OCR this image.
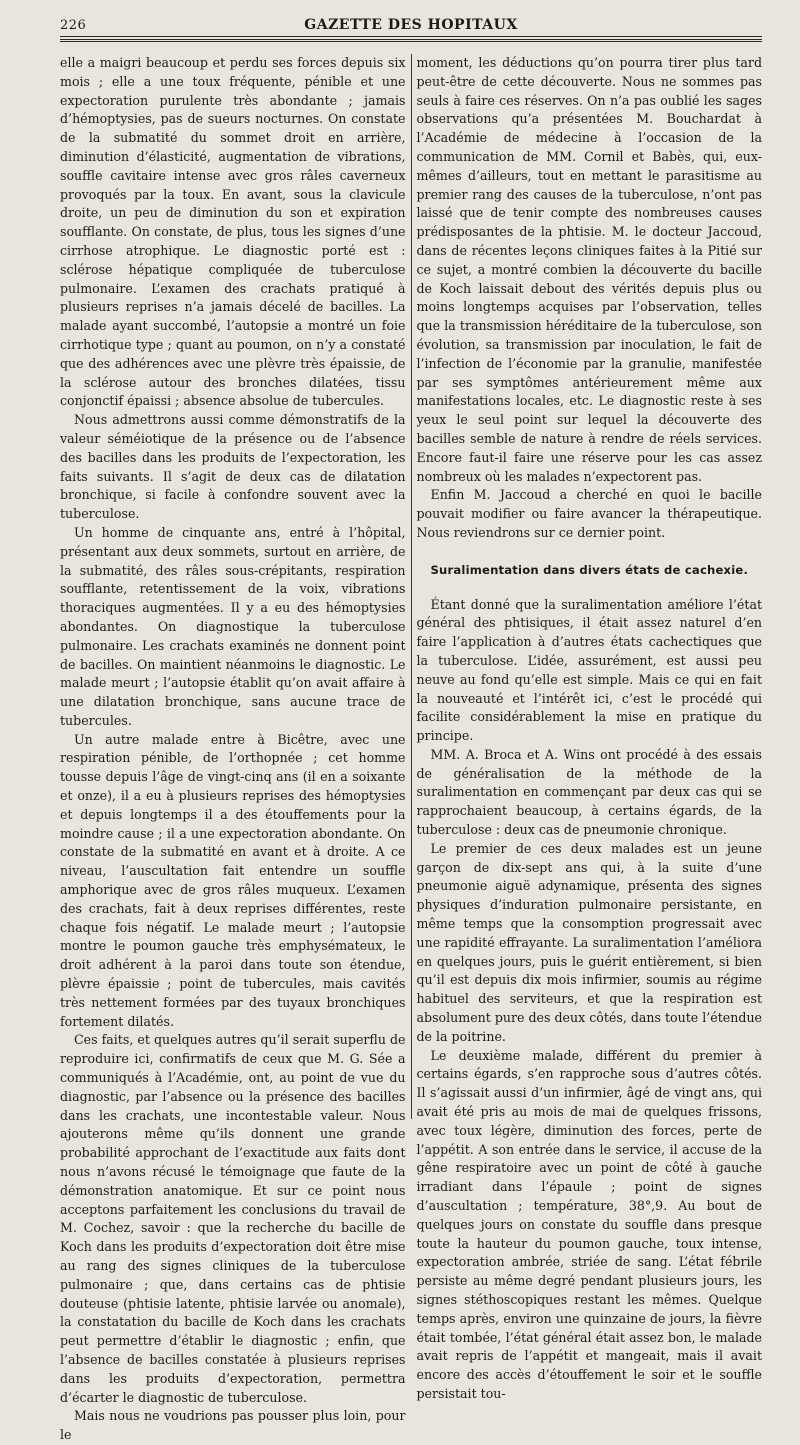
226	GAZETTE DES HOPITAUX

elle a maigri beaucoup et perdu ses forces depuis six mois ; elle a une toux fréquente, pénible et une expectoration purulente très abondante ; jamais d’hémoptysies, pas de sueurs nocturnes. On constate de la submatité du sommet droit en arrière, diminution d’élasticité, augmentation de vibrations, souffle cavitaire intense avec gros râles caverneux provoqués par la toux. En avant, sous la clavicule droite, un peu de diminution du son et expiration soufflante. On constate, de plus, tous les signes d’une cirrhose atrophique. Le diagnostic porté est : sclérose hépatique compliquée de tuberculose pulmonaire. L’examen des crachats pratiqué à plusieurs reprises n’a jamais décelé de bacilles. La malade ayant succombé, l’autopsie a montré un foie cirrhotique type ; quant au poumon, on n’y a constaté que des adhérences avec une plèvre très épaissie, de la sclérose autour des bronches dilatées, tissu conjonctif épaissi ; absence absolue de tubercules.

Nous admettrons aussi comme démonstratifs de la valeur séméiotique de la présence ou de l’absence des bacilles dans les produits de l’expectoration, les faits suivants. Il s’agit de deux cas de dilatation bronchique, si facile à confondre souvent avec la tuberculose.

Un homme de cinquante ans, entré à l’hôpital, présentant aux deux sommets, surtout en arrière, de la submatité, des râles sous-crépitants, respiration soufflante, retentissement de la voix, vibrations thoraciques augmentées. Il y a eu des hémoptysies abondantes. On diagnostique la tuberculose pulmonaire. Les crachats examinés ne donnent point de bacilles. On maintient néanmoins le diagnostic. Le malade meurt ; l’autopsie établit qu’on avait affaire à une dilatation bronchique, sans aucune trace de tubercules.

Un autre malade entre à Bicêtre, avec une respiration pénible, de l’orthopnée ; cet homme tousse depuis l’âge de vingt-cinq ans (il en a soixante et onze), il a eu à plusieurs reprises des hémoptysies et depuis longtemps il a des étouffements pour la moindre cause ; il a une expectoration abondante. On constate de la submatité en avant et à droite. A ce niveau, l’auscultation fait entendre un souffle amphorique avec de gros râles muqueux. L’examen des crachats, fait à deux reprises différentes, reste chaque fois négatif. Le malade meurt ; l’autopsie montre le poumon gauche très emphysémateux, le droit adhérent à la paroi dans toute son étendue, plèvre épaissie ; point de tubercules, mais cavités très nettement formées par des tuyaux bronchiques fortement dilatés.

Ces faits, et quelques autres qu’il serait superflu de reproduire ici, confirmatifs de ceux que M. G. Sée a communiqués à l’Académie, ont, au point de vue du diagnostic, par l’absence ou la présence des bacilles dans les crachats, une incontestable valeur. Nous ajouterons même qu’ils donnent une grande probabilité approchant de l’exactitude aux faits dont nous n’avons récusé le témoignage que faute de la démonstration anatomique. Et sur ce point nous acceptons parfaitement les conclusions du travail de M. Cochez, savoir : que la recherche du bacille de Koch dans les produits d’expectoration doit être mise au rang des signes cliniques de la tuberculose pulmonaire ; que, dans certains cas de phtisie douteuse (phtisie latente, phtisie larvée ou anomale), la constatation du bacille de Koch dans les crachats peut permettre d’établir le diagnostic ; enfin, que l’absence de bacilles constatée à plusieurs reprises dans les produits d’expectoration, permettra d’écarter le diagnostic de tuberculose.

Mais nous ne voudrions pas pousser plus loin, pour le

moment, les déductions qu’on pourra tirer plus tard peut-être de cette découverte. Nous ne sommes pas seuls à faire ces réserves. On n’a pas oublié les sages observations qu’a présentées M. Bouchardat à l’Académie de médecine à l’occasion de la communication de MM. Cornil et Babès, qui, eux-mêmes d’ailleurs, tout en mettant le parasitisme au premier rang des causes de la tuberculose, n’ont pas laissé que de tenir compte des nombreuses causes prédisposantes de la phtisie. M. le docteur Jaccoud, dans de récentes leçons cliniques faites à la Pitié sur ce sujet, a montré combien la découverte du bacille de Koch laissait debout des vérités depuis plus ou moins longtemps acquises par l’observation, telles que la transmission héréditaire de la tuberculose, son évolution, sa transmission par inoculation, le fait de l’infection de l’économie par la granulie, manifestée par ses symptômes antérieurement même aux manifestations locales, etc. Le diagnostic reste à ses yeux le seul point sur lequel la découverte des bacilles semble de nature à rendre de réels services. Encore faut-il faire une réserve pour les cas assez nombreux où les malades n’expectorent pas.

Enfin M. Jaccoud a cherché en quoi le bacille pouvait modifier ou faire avancer la thérapeutique. Nous reviendrons sur ce dernier point.

Suralimentation dans divers états de cachexie.

Étant donné que la suralimentation améliore l’état général des phtisiques, il était assez naturel d’en faire l’application à d’autres états cachectiques que la tuberculose. L’idée, assurément, est aussi peu neuve au fond qu’elle est simple. Mais ce qui en fait la nouveauté et l’intérêt ici, c’est le procédé qui facilite considérablement la mise en pratique du principe.

MM. A. Broca et A. Wins ont procédé à des essais de généralisation de la méthode de la suralimentation en commençant par deux cas qui se rapprochaient beaucoup, à certains égards, de la tuberculose : deux cas de pneumonie chronique.

Le premier de ces deux malades est un jeune garçon de dix-sept ans qui, à la suite d’une pneumonie aiguë adynamique, présenta des signes physiques d’induration pulmonaire persistante, en même temps que la consomption progressait avec une rapidité effrayante. La suralimentation l’améliora en quelques jours, puis le guérit entièrement, si bien qu’il est depuis dix mois infirmier, soumis au régime habituel des serviteurs, et que la respiration est absolument pure des deux côtés, dans toute l’étendue de la poitrine.

Le deuxième malade, différent du premier à certains égards, s’en rapproche sous d’autres côtés. Il s’agissait aussi d’un infirmier, âgé de vingt ans, qui avait été pris au mois de mai de quelques frissons, avec toux légère, diminution des forces, perte de l’appétit. A son entrée dans le service, il accuse de la gêne respiratoire avec un point de côté à gauche irradiant dans l’épaule ; point de signes d’auscultation ; température, 38°,9. Au bout de quelques jours on constate du souffle dans presque toute la hauteur du poumon gauche, toux intense, expectoration ambrée, striée de sang. L’état fébrile persiste au même degré pendant plusieurs jours, les signes stéthoscopiques restant les mêmes. Quelque temps après, environ une quinzaine de jours, la fièvre était tombée, l’état général était assez bon, le malade avait repris de l’appétit et mangeait, mais il avait encore des accès d’étouffement le soir et le souffle persistait tou-
